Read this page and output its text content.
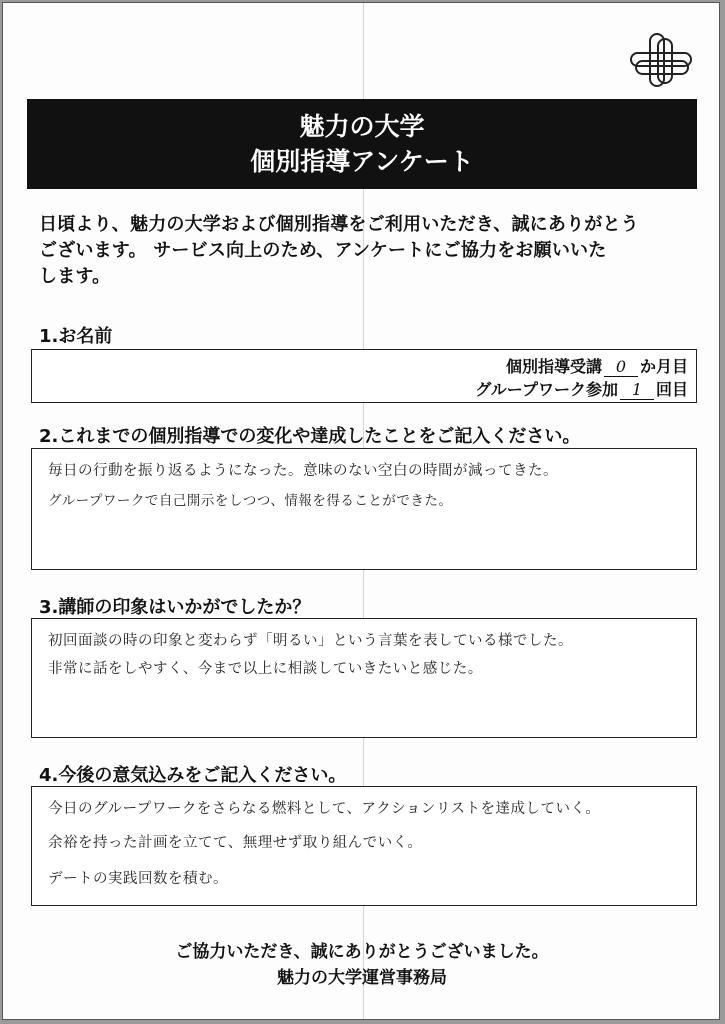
魅力の大学
個別指導アンケート
日頃より、魅力の大学および個別指導をご利用いただき、誠にありがとう
ございます。 サービス向上のため、アンケートにご協力をお願いいた
します。
1.お名前
個別指導受講 0 か月目
グループワーク参加 1 回目
2.これまでの個別指導での変化や達成したことをご記入ください。
毎日の行動を振り返るようになった。意味のない空白の時間が減ってきた。
グループワークで自己開示をしつつ、情報を得ることができた。
3.講師の印象はいかがでしたか？
初回面談の時の印象と変わらず「明るい」という言葉を表している様でした。
非常に話をしやすく、今まで以上に相談していきたいと感じた。
4.今後の意気込みをご記入ください。
今日のグループワークをさらなる燃料として、アクションリストを達成していく。
余裕を持った計画を立てて、無理せず取り組んでいく。
デートの実践回数を積む。
ご協力いただき、誠にありがとうございました。
魅力の大学運営事務局
